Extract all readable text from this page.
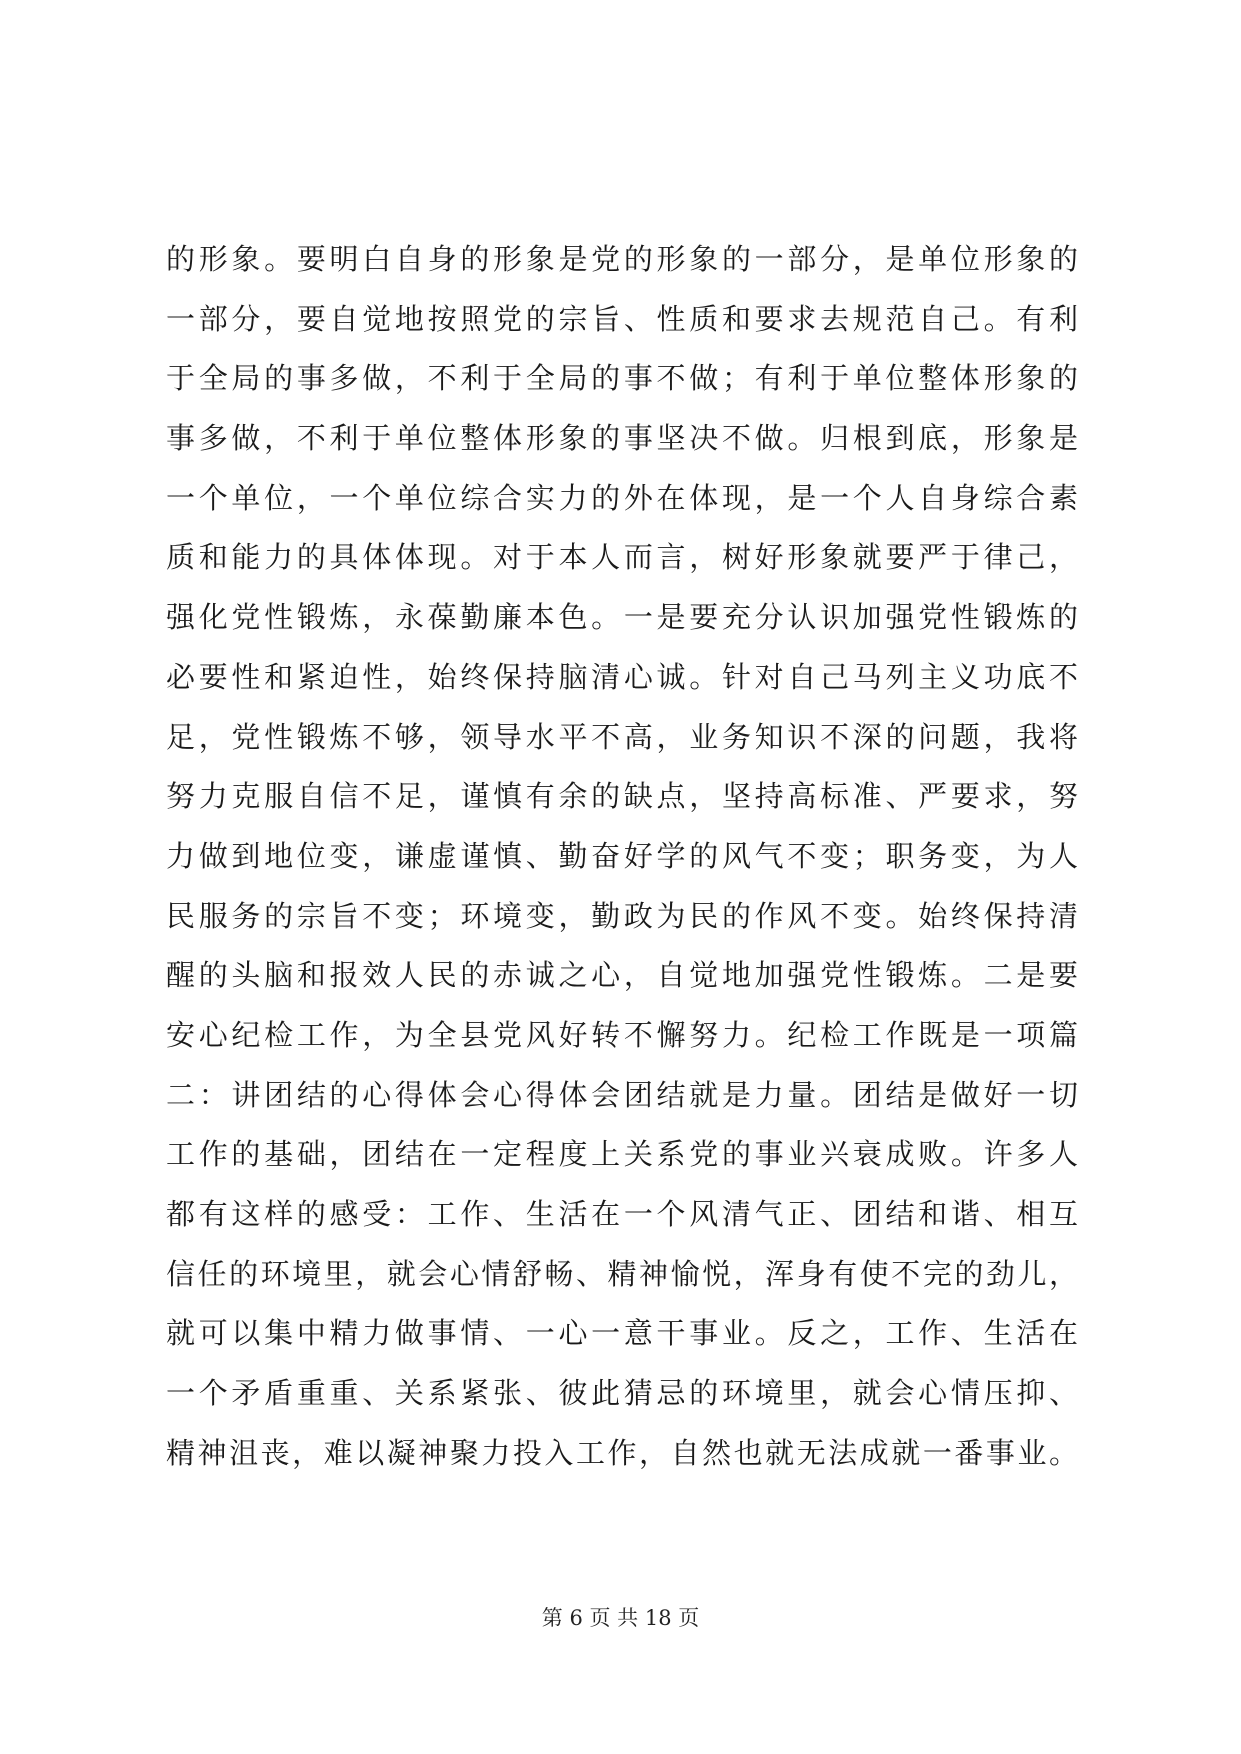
的形象。要明白自身的形象是党的形象的一部分，是单位形象的
一部分，要自觉地按照党的宗旨、性质和要求去规范自己。有利
于全局的事多做，不利于全局的事不做；有利于单位整体形象的
事多做，不利于单位整体形象的事坚决不做。归根到底，形象是
一个单位，一个单位综合实力的外在体现，是一个人自身综合素
质和能力的具体体现。对于本人而言，树好形象就要严于律己，
强化党性锻炼，永葆勤廉本色。一是要充分认识加强党性锻炼的
必要性和紧迫性，始终保持脑清心诚。针对自己马列主义功底不
足，党性锻炼不够，领导水平不高，业务知识不深的问题，我将
努力克服自信不足，谨慎有余的缺点，坚持高标准、严要求，努
力做到地位变，谦虚谨慎、勤奋好学的风气不变；职务变，为人
民服务的宗旨不变；环境变，勤政为民的作风不变。始终保持清
醒的头脑和报效人民的赤诚之心，自觉地加强党性锻炼。二是要
安心纪检工作，为全县党风好转不懈努力。纪检工作既是一项篇
二：讲团结的心得体会心得体会团结就是力量。团结是做好一切
工作的基础，团结在一定程度上关系党的事业兴衰成败。许多人
都有这样的感受：工作、生活在一个风清气正、团结和谐、相互
信任的环境里，就会心情舒畅、精神愉悦，浑身有使不完的劲儿，
就可以集中精力做事情、一心一意干事业。反之，工作、生活在
一个矛盾重重、关系紧张、彼此猜忌的环境里，就会心情压抑、
精神沮丧，难以凝神聚力投入工作，自然也就无法成就一番事业。
第 6 页 共 18 页
